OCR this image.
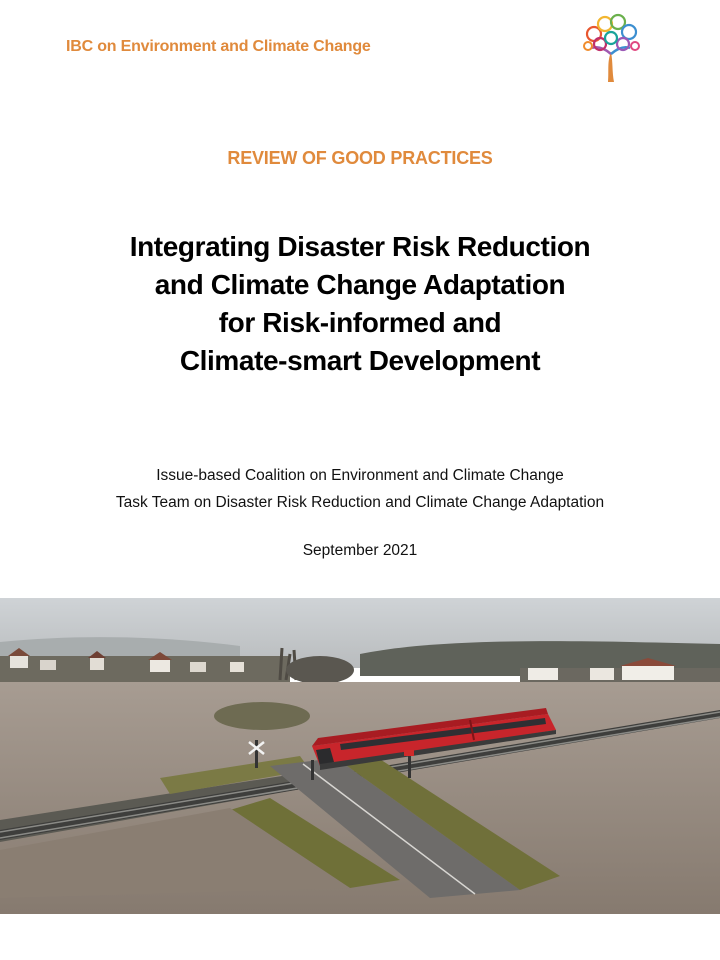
IBC on Environment and Climate Change
REVIEW OF GOOD PRACTICES
Integrating Disaster Risk Reduction
and Climate Change Adaptation
for Risk-informed and
Climate-smart Development
Issue-based Coalition on Environment and Climate Change
Task Team on Disaster Risk Reduction and Climate Change Adaptation
September 2021
